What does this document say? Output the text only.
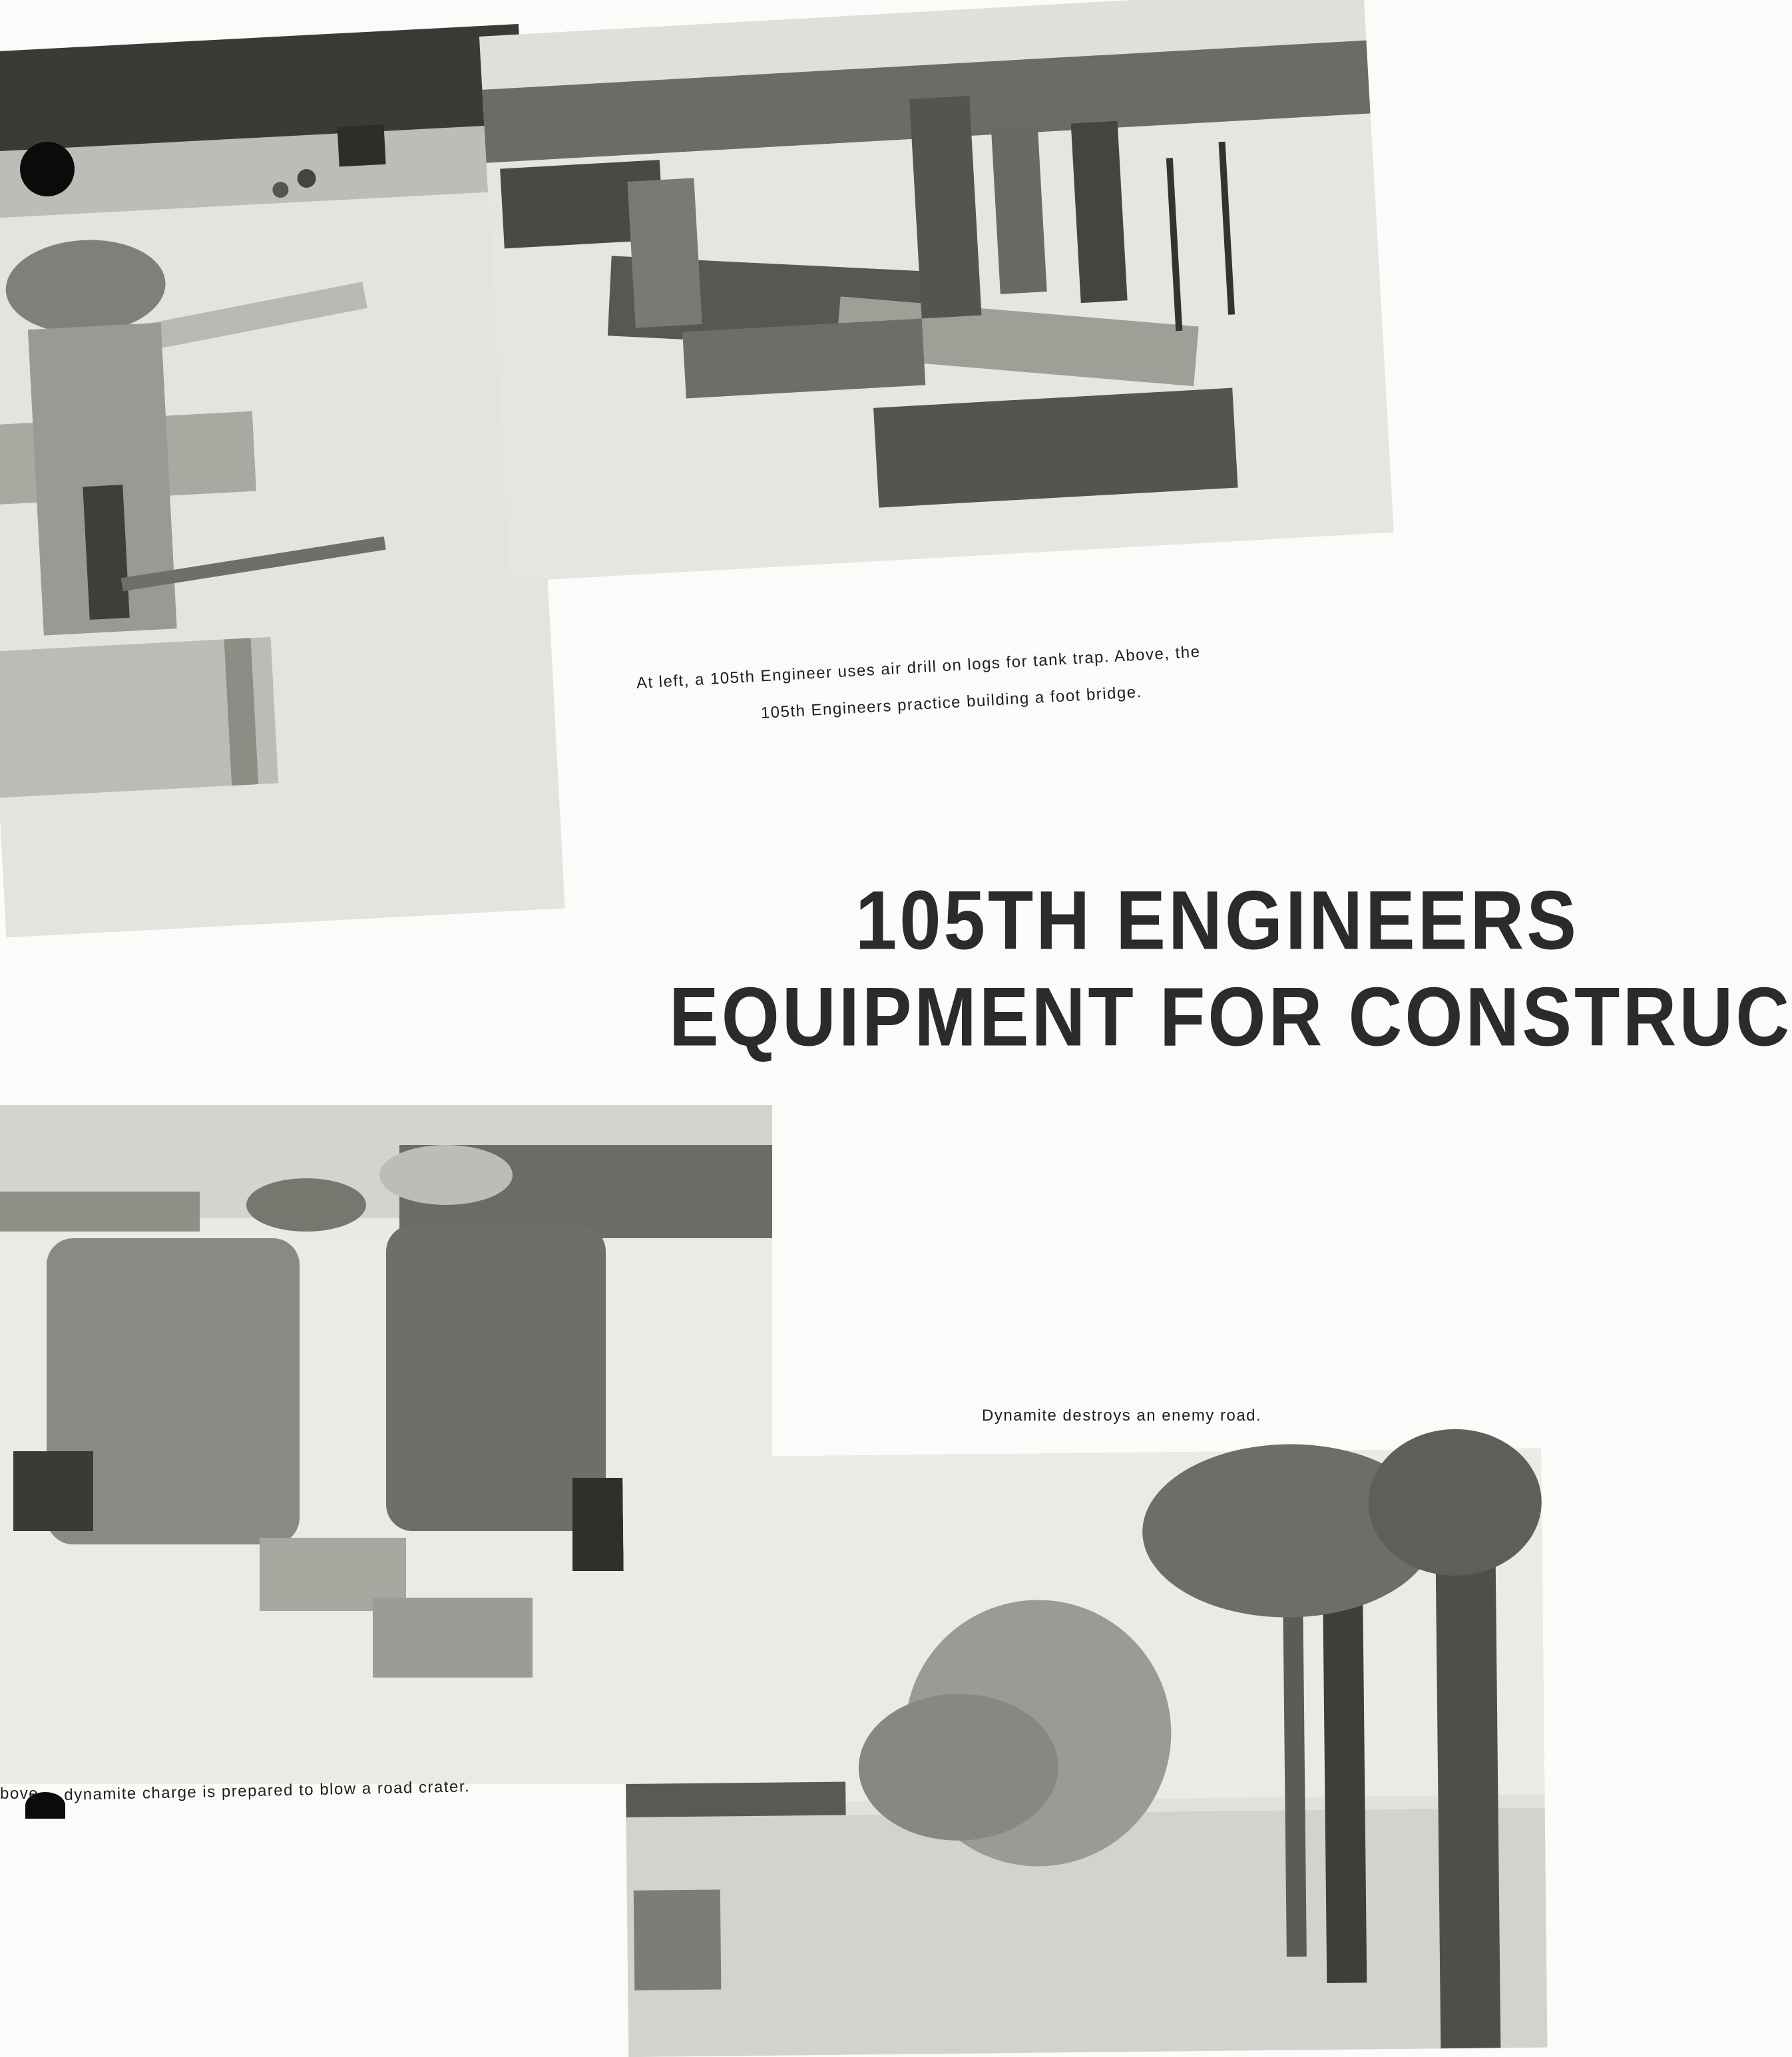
At left, a 105th Engineer uses air drill on logs for tank trap. Above, the
105th Engineers practice building a foot bridge.
105TH ENGINEERS
EQUIPMENT FOR CONSTRUC
Dynamite destroys an enemy road.
bove dynamite charge is prepared to blow a road crater.
